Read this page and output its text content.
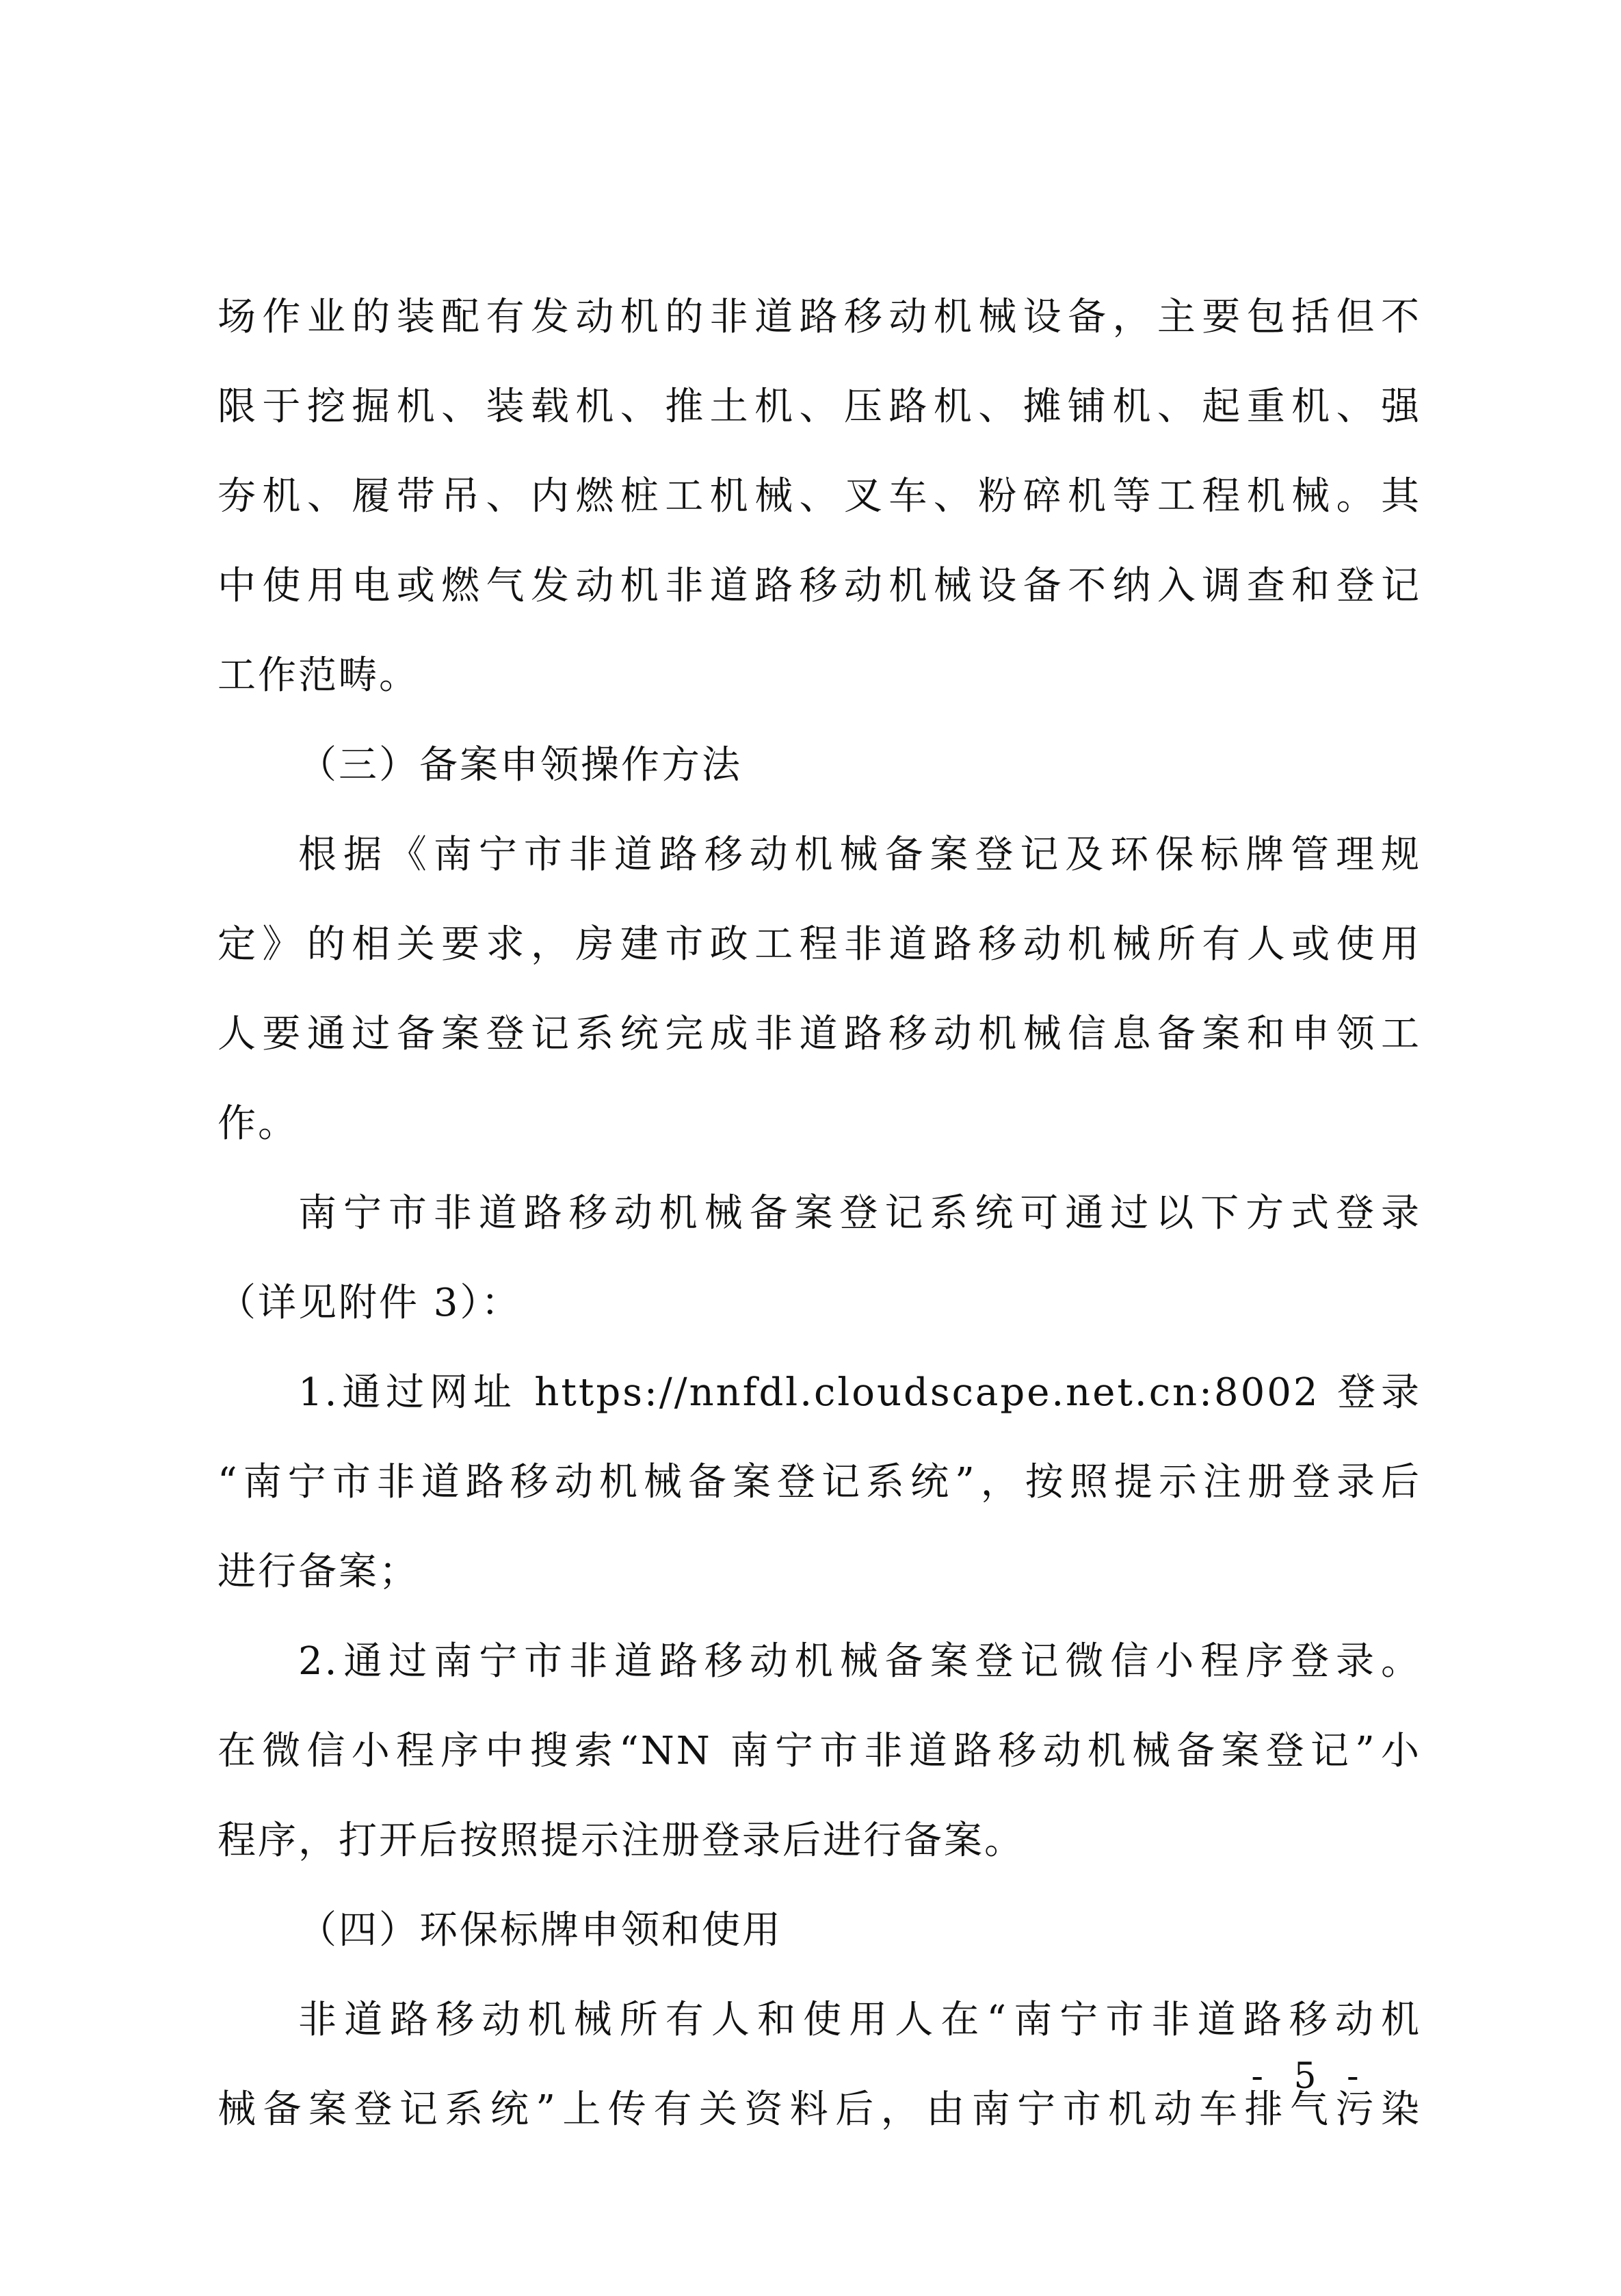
场作业的装配有发动机的非道路移动机械设备，主要包括但不
限于挖掘机、装载机、推土机、压路机、摊铺机、起重机、强
夯机、履带吊、内燃桩工机械、叉车、粉碎机等工程机械。其
中使用电或燃气发动机非道路移动机械设备不纳入调查和登记
工作范畴。
（三）备案申领操作方法
根据《南宁市非道路移动机械备案登记及环保标牌管理规
定》的相关要求，房建市政工程非道路移动机械所有人或使用
人要通过备案登记系统完成非道路移动机械信息备案和申领工
作。
南宁市非道路移动机械备案登记系统可通过以下方式登录
（详见附件 3）：
1.通过网址 https://nnfdl.cloudscape.net.cn:8002 登录
“南宁市非道路移动机械备案登记系统”，按照提示注册登录后
进行备案；
2.通过南宁市非道路移动机械备案登记微信小程序登录。
在微信小程序中搜索“NN 南宁市非道路移动机械备案登记”小
程序，打开后按照提示注册登录后进行备案。
（四）环保标牌申领和使用
非道路移动机械所有人和使用人在“南宁市非道路移动机
械备案登记系统”上传有关资料后，由南宁市机动车排气污染
- 5 -
